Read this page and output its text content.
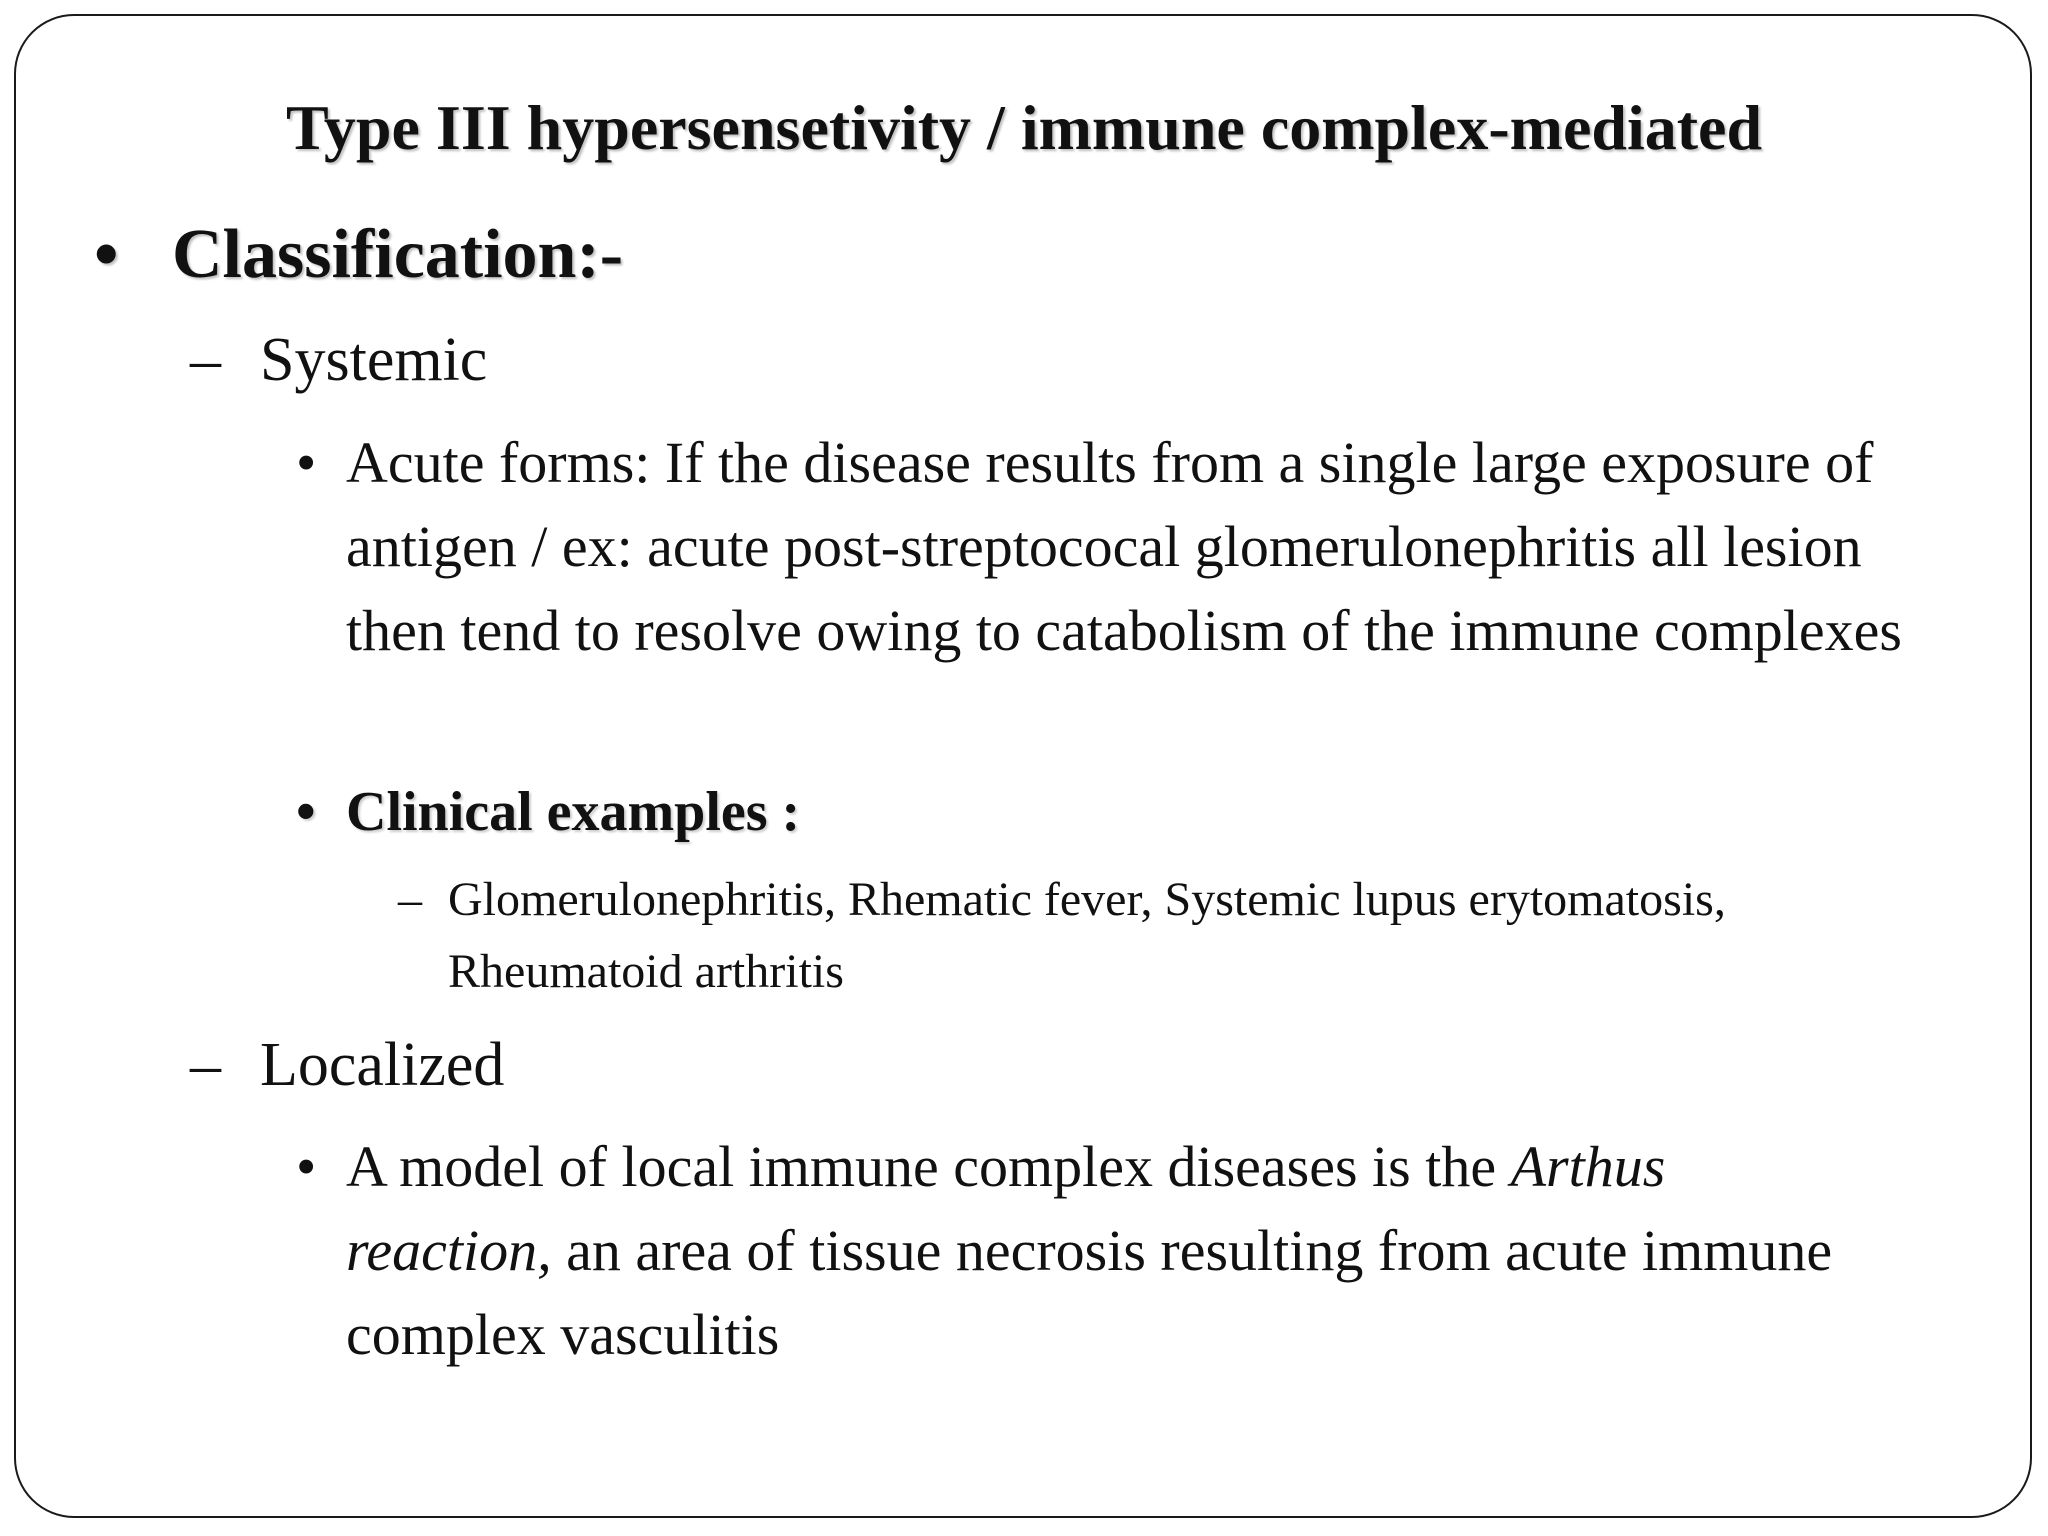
Type III hypersensetivity / immune complex-mediated
• Classification:-
– Systemic
• Acute forms: If the disease results from a single large exposure of antigen / ex: acute post-streptococal glomerulonephritis all lesion then tend to resolve owing to catabolism of the immune complexes
• Clinical examples :
– Glomerulonephritis, Rhematic fever, Systemic lupus erytomatosis, Rheumatoid arthritis
– Localized
• A model of local immune complex diseases is the Arthus reaction, an area of tissue necrosis resulting from acute immune complex vasculitis
